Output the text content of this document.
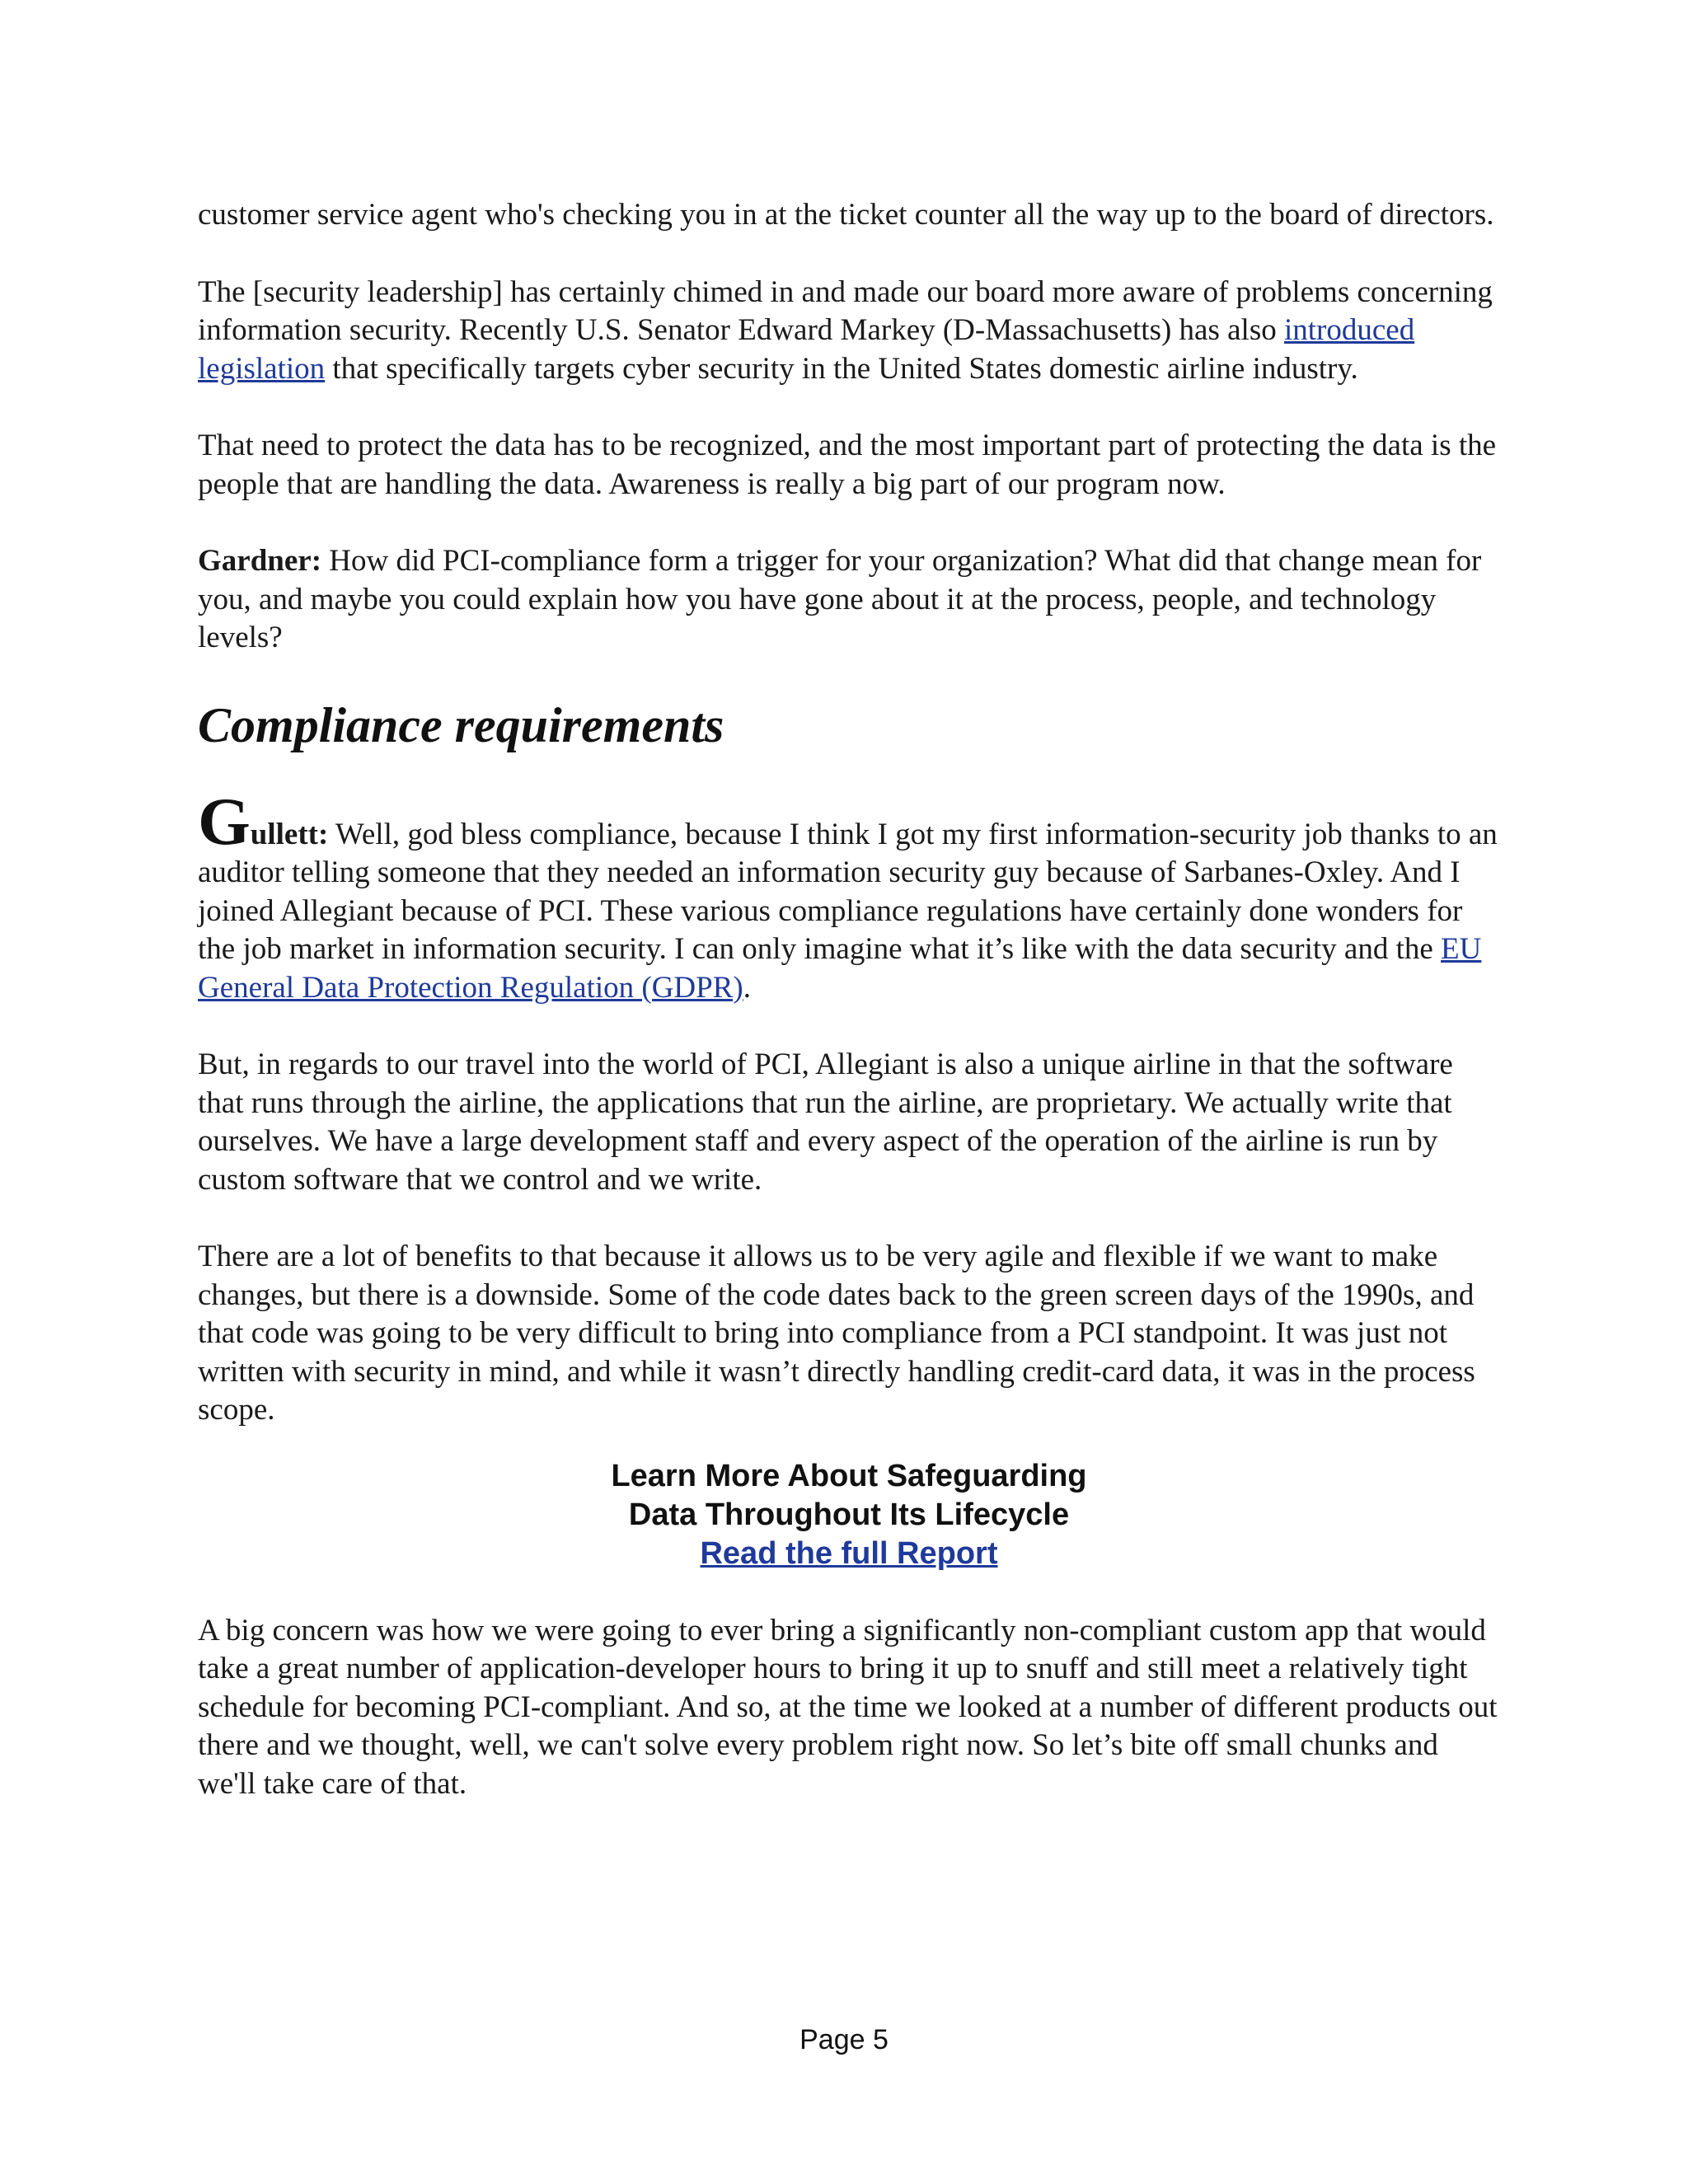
customer service agent who's checking you in at the ticket counter all the way up to the board of directors.

The [security leadership] has certainly chimed in and made our board more aware of problems concerning information security. Recently U.S. Senator Edward Markey (D-Massachusetts) has also introduced legislation that specifically targets cyber security in the United States domestic airline industry.

That need to protect the data has to be recognized, and the most important part of protecting the data is the people that are handling the data. Awareness is really a big part of our program now.

Gardner: How did PCI-compliance form a trigger for your organization? What did that change mean for you, and maybe you could explain how you have gone about it at the process, people, and technology levels?

Compliance requirements

Gullett: Well, god bless compliance, because I think I got my first information-security job thanks to an auditor telling someone that they needed an information security guy because of Sarbanes-Oxley. And I joined Allegiant because of PCI. These various compliance regulations have certainly done wonders for the job market in information security. I can only imagine what it’s like with the data security and the EU General Data Protection Regulation (GDPR).

But, in regards to our travel into the world of PCI, Allegiant is also a unique airline in that the software that runs through the airline, the applications that run the airline, are proprietary. We actually write that ourselves. We have a large development staff and every aspect of the operation of the airline is run by custom software that we control and we write.

There are a lot of benefits to that because it allows us to be very agile and flexible if we want to make changes, but there is a downside. Some of the code dates back to the green screen days of the 1990s, and that code was going to be very difficult to bring into compliance from a PCI standpoint. It was just not written with security in mind, and while it wasn’t directly handling credit-card data, it was in the process scope.

Learn More About Safeguarding
Data Throughout Its Lifecycle
Read the full Report

A big concern was how we were going to ever bring a significantly non-compliant custom app that would take a great number of application-developer hours to bring it up to snuff and still meet a relatively tight schedule for becoming PCI-compliant. And so, at the time we looked at a number of different products out there and we thought, well, we can't solve every problem right now. So let’s bite off small chunks and we'll take care of that.

Page 5
